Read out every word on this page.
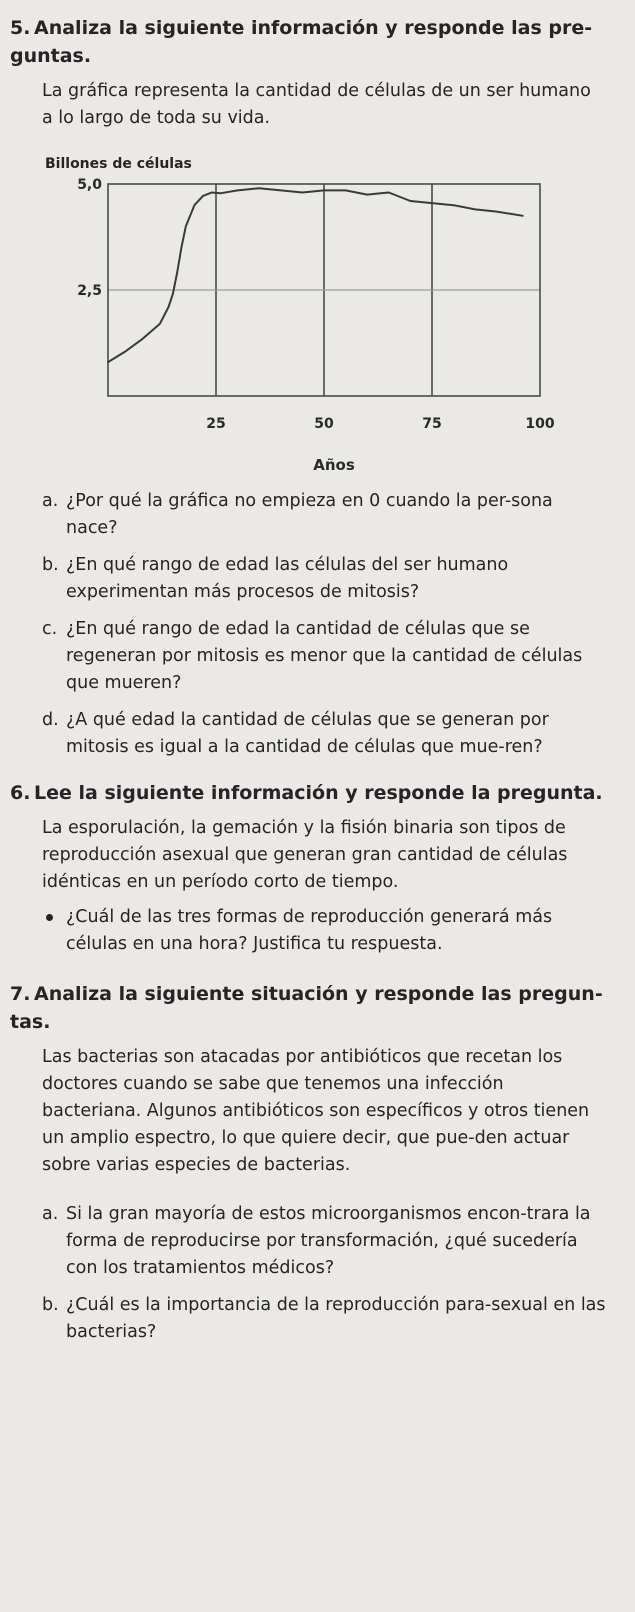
5. Analiza la siguiente información y responde las pre-guntas.

La gráfica representa la cantidad de células de un ser humano a lo largo de toda su vida.

Billones de células
2,5
5,0
25	50	75	100
Años
a. ¿Por qué la gráfica no empieza en 0 cuando la per-sona nace?
b. ¿En qué rango de edad las células del ser humano experimentan más procesos de mitosis?
c. ¿En qué rango de edad la cantidad de células que se regeneran por mitosis es menor que la cantidad de células que mueren?
d. ¿A qué edad la cantidad de células que se generan por mitosis es igual a la cantidad de células que mue-ren?

6. Lee la siguiente información y responde la pregunta.

La esporulación, la gemación y la fisión binaria son tipos de reproducción asexual que generan gran cantidad de células idénticas en un período corto de tiempo.

¿Cuál de las tres formas de reproducción generará más células en una hora? Justifica tu respuesta.

7. Analiza la siguiente situación y responde las pregun-tas.

Las bacterias son atacadas por antibióticos que recetan los doctores cuando se sabe que tenemos una infección bacteriana. Algunos antibióticos son específicos y otros tienen un amplio espectro, lo que quiere decir, que pue-den actuar sobre varias especies de bacterias.

a. Si la gran mayoría de estos microorganismos encon-trara la forma de reproducirse por transformación, ¿qué sucedería con los tratamientos médicos?
b. ¿Cuál es la importancia de la reproducción para-sexual en las bacterias?
